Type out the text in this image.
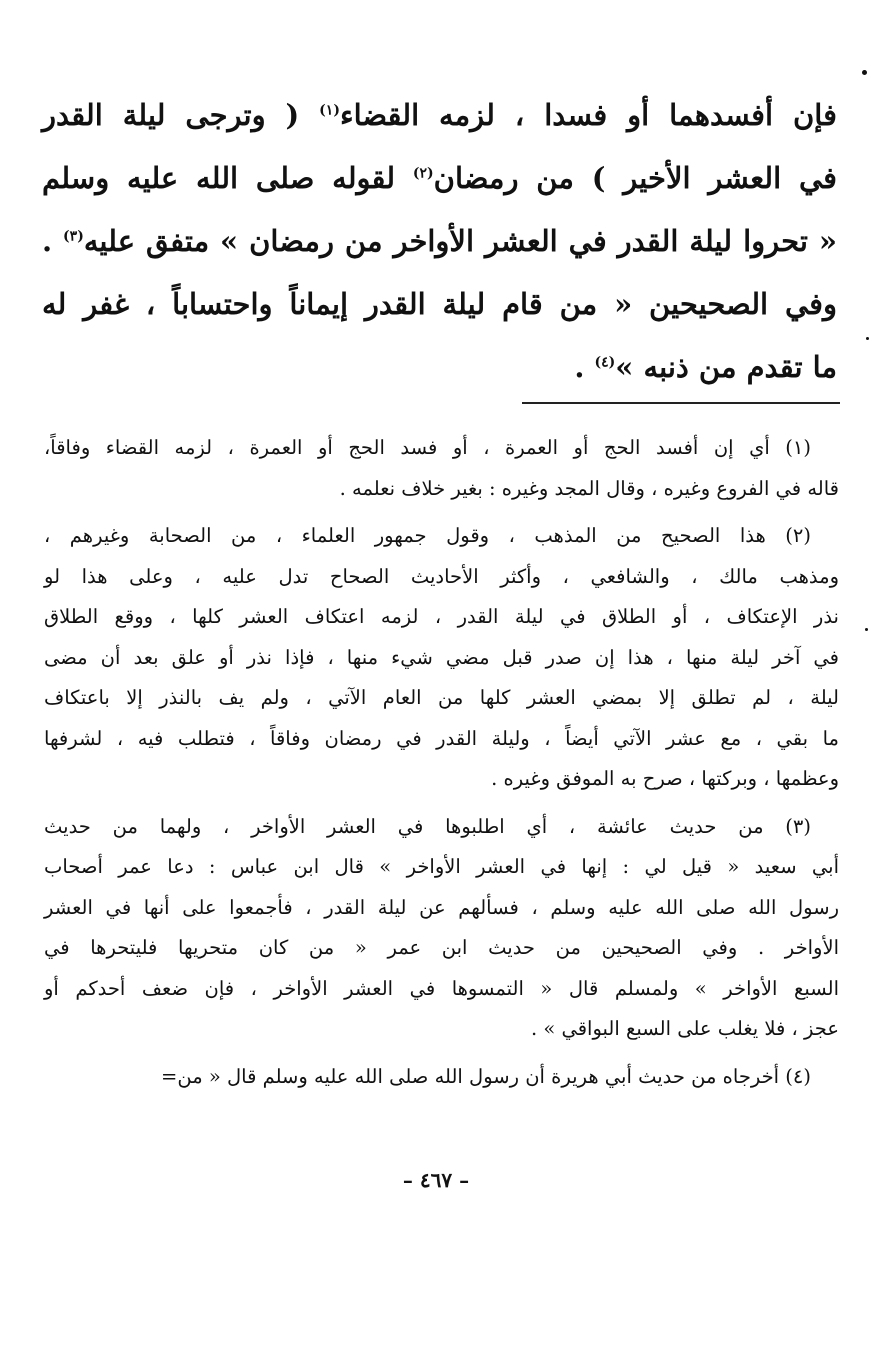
فإن أفسدهما أو فسدا ، لزمه القضاء$^{(١)}$ ( وترجى ليلة القدر
في العشر الأخير ) من رمضان$^{(٢)}$ لقوله صلى الله عليه وسلم
« تحروا ليلة القدر في العشر الأواخر من رمضان » متفق عليه$^{(٣)}$ .
وفي الصحيحين « من قام ليلة القدر إيماناً واحتساباً ، غفر له
ما تقدم من ذنبه »$^{(٤)}$ .
(١) أي إن أفسد الحج أو العمرة ، أو فسد الحج أو العمرة ، لزمه القضاء وفاقاً،
قاله في الفروع وغيره ، وقال المجد وغيره : بغير خلاف نعلمه .
(٢) هذا الصحيح من المذهب ، وقول جمهور العلماء ، من الصحابة وغيرهم ،
ومذهب مالك ، والشافعي ، وأكثر الأحاديث الصحاح تدل عليه ، وعلى هذا لو
نذر الإعتكاف ، أو الطلاق في ليلة القدر ، لزمه اعتكاف العشر كلها ، ووقع الطلاق
في آخر ليلة منها ، هذا إن صدر قبل مضي شيء منها ، فإذا نذر أو علق بعد أن مضى
ليلة ، لم تطلق إلا بمضي العشر كلها من العام الآتي ، ولم يف بالنذر إلا باعتكاف
ما بقي ، مع عشر الآتي أيضاً ، وليلة القدر في رمضان وفاقاً ، فتطلب فيه ، لشرفها
وعظمها ، وبركتها ، صرح به الموفق وغيره .
(٣) من حديث عائشة ، أي اطلبوها في العشر الأواخر ، ولهما من حديث
أبي سعيد « قيل لي : إنها في العشر الأواخر » قال ابن عباس : دعا عمر أصحاب
رسول الله صلى الله عليه وسلم ، فسألهم عن ليلة القدر ، فأجمعوا على أنها في العشر
الأواخر . وفي الصحيحين من حديث ابن عمر « من كان متحريها فليتحرها في
السبع الأواخر » ولمسلم قال « التمسوها في العشر الأواخر ، فإن ضعف أحدكم أو
عجز ، فلا يغلب على السبع البواقي » .
(٤) أخرجاه من حديث أبي هريرة أن رسول الله صلى الله عليه وسلم قال « من=
– ٤٦٧ –
